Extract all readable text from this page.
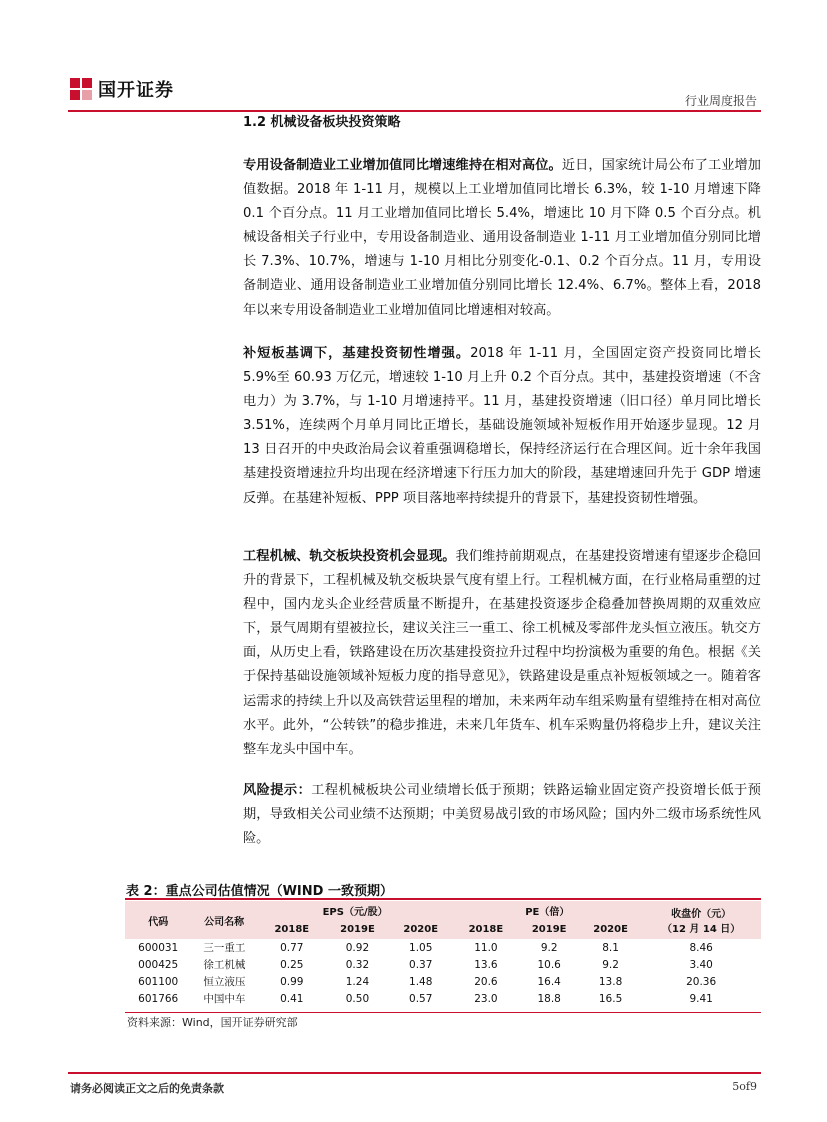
国开证券	行业周度报告
1.2 机械设备板块投资策略
专用设备制造业工业增加值同比增速维持在相对高位。近日，国家统计局公布了工业增加值数据。2018 年 1-11 月，规模以上工业增加值同比增长 6.3%，较 1-10 月增速下降 0.1 个百分点。11 月工业增加值同比增长 5.4%，增速比 10 月下降 0.5 个百分点。机械设备相关子行业中，专用设备制造业、通用设备制造业 1-11 月工业增加值分别同比增长 7.3%、10.7%，增速与 1-10 月相比分别变化-0.1、0.2 个百分点。11 月，专用设备制造业、通用设备制造业工业增加值分别同比增长 12.4%、6.7%。整体上看，2018 年以来专用设备制造业工业增加值同比增速相对较高。
补短板基调下，基建投资韧性增强。2018 年 1-11 月，全国固定资产投资同比增长 5.9%至 60.93 万亿元，增速较 1-10 月上升 0.2 个百分点。其中，基建投资增速（不含电力）为 3.7%，与 1-10 月增速持平。11 月，基建投资增速（旧口径）单月同比增长 3.51%，连续两个月单月同比正增长，基础设施领域补短板作用开始逐步显现。12 月 13 日召开的中央政治局会议着重强调稳增长，保持经济运行在合理区间。近十余年我国基建投资增速拉升均出现在经济增速下行压力加大的阶段，基建增速回升先于 GDP 增速反弹。在基建补短板、PPP 项目落地率持续提升的背景下，基建投资韧性增强。
工程机械、轨交板块投资机会显现。我们维持前期观点，在基建投资增速有望逐步企稳回升的背景下，工程机械及轨交板块景气度有望上行。工程机械方面，在行业格局重塑的过程中，国内龙头企业经营质量不断提升，在基建投资逐步企稳叠加替换周期的双重效应下，景气周期有望被拉长，建议关注三一重工、徐工机械及零部件龙头恒立液压。轨交方面，从历史上看，铁路建设在历次基建投资拉升过程中均扮演极为重要的角色。根据《关于保持基础设施领域补短板力度的指导意见》，铁路建设是重点补短板领域之一。随着客运需求的持续上升以及高铁营运里程的增加，未来两年动车组采购量有望维持在相对高位水平。此外，“公转铁”的稳步推进，未来几年货车、机车采购量仍将稳步上升，建议关注整车龙头中国中车。
风险提示：工程机械板块公司业绩增长低于预期；铁路运输业固定资产投资增长低于预期，导致相关公司业绩不达预期；中美贸易战引致的市场风险；国内外二级市场系统性风险。
表 2：重点公司估值情况（WIND 一致预期）
代码	公司名称	EPS（元/股）			PE（倍）			收盘价（元）
（12 月 14 日）
		2018E	2019E	2020E	2018E	2019E	2020E	
600031	三一重工	0.77	0.92	1.05	11.0	9.2	8.1	8.46
000425	徐工机械	0.25	0.32	0.37	13.6	10.6	9.2	3.40
601100	恒立液压	0.99	1.24	1.48	20.6	16.4	13.8	20.36
601766	中国中车	0.41	0.50	0.57	23.0	18.8	16.5	9.41
资料来源：Wind，国开证券研究部
请务必阅读正文之后的免责条款	5of9
